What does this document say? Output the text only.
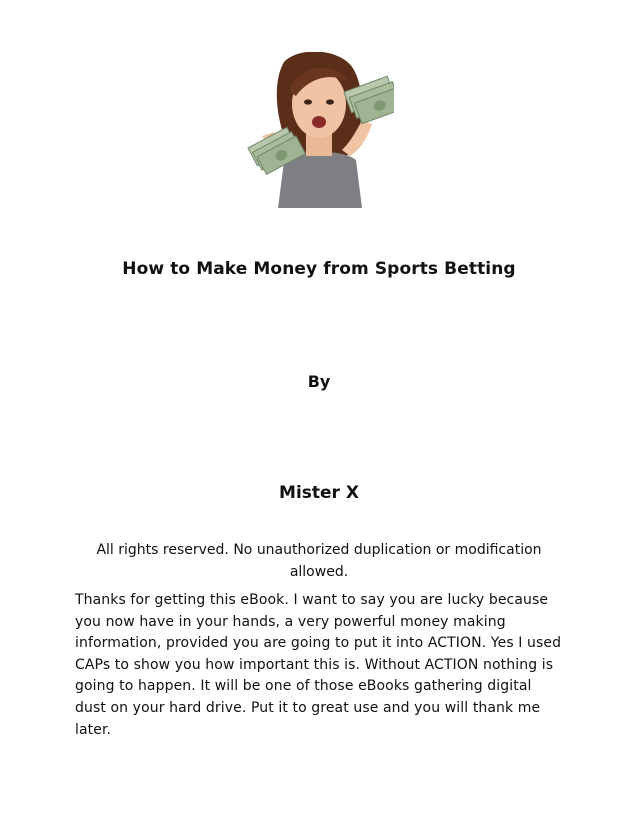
How to Make Money from Sports Betting
By
Mister X
All rights reserved. No unauthorized duplication or modification allowed.
Thanks for getting this eBook. I want to say you are lucky because you now have in your hands, a very powerful money making information, provided you are going to put it into ACTION. Yes I used CAPs to show you how important this is. Without ACTION nothing is going to happen. It will be one of those eBooks gathering digital dust on your hard drive. Put it to great use and you will thank me later.
